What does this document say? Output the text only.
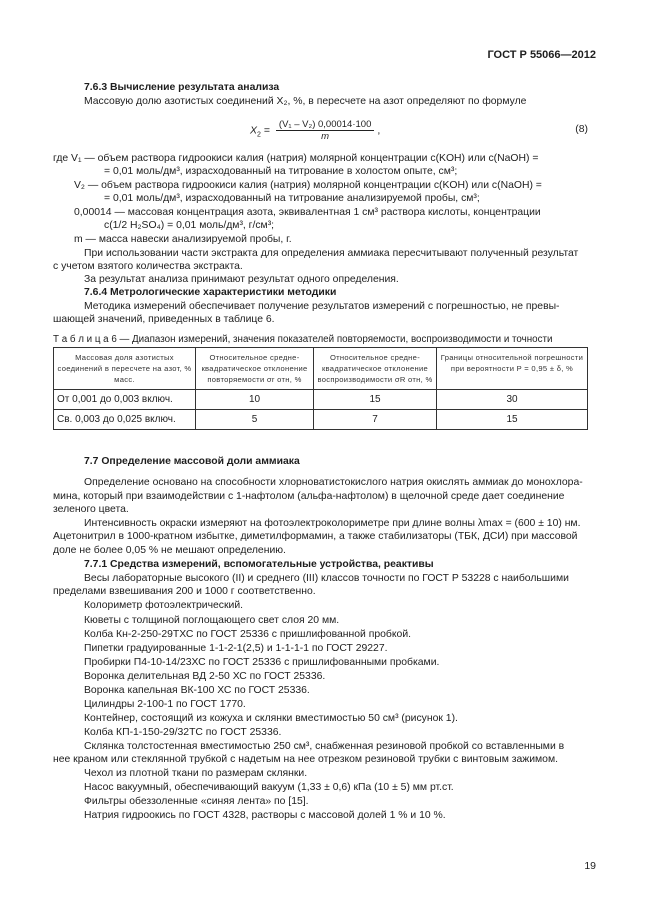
ГОСТ Р 55066—2012
7.6.3 Вычисление результата анализа
Массовую долю азотистых соединений X₂, %, в пересчете на азот определяют по формуле
$X_2 = \frac{\text{(V₁ – V₂) 0,00014·100}}{m}$ ,	(8)
где V₁ — объем раствора гидроокиси калия (натрия) молярной концентрации c(KOH) или c(NaOH) =
= 0,01 моль/дм³, израсходованный на титрование в холостом опыте, см³;
V₂ — объем раствора гидроокиси калия (натрия) молярной концентрации c(KOH) или c(NaOH) =
= 0,01 моль/дм³, израсходованный на титрование анализируемой пробы, см³;
0,00014 — массовая концентрация азота, эквивалентная 1 см³ раствора кислоты, концентрации
c(1/2 H₂SO₄) = 0,01 моль/дм³, г/см³;
m — масса навески анализируемой пробы, г.
При использовании части экстракта для определения аммиака пересчитывают полученный результат
с учетом взятого количества экстракта.
За результат анализа принимают результат одного определения.
7.6.4 Метрологические характеристики методики
Методика измерений обеспечивает получение результатов измерений с погрешностью, не превы-
шающей значений, приведенных в таблице 6.
Т а б л и ц а 6 — Диапазон измерений, значения показателей повторяемости, воспроизводимости и точности
Массовая доля азотистых соединений в пересчете на азот, % масс.	Относительное средне-квадратическое отклонение повторяемости σr отн, %	Относительное средне-квадратическое отклонение воспроизводимости σR отн, %	Границы относительной погрешности при вероятности P = 0,95 ± δ, %
От 0,001 до 0,003 включ.	10	15	30
Св. 0,003 до 0,025 включ.	5	7	15
7.7 Определение массовой доли аммиака
Определение основано на способности хлорноватистокислого натрия окислять аммиак до монохлора-
мина, который при взаимодействии с 1-нафтолом (альфа-нафтолом) в щелочной среде дает соединение
зеленого цвета.
Интенсивность окраски измеряют на фотоэлектроколориметре при длине волны λmax = (600 ± 10) нм.
Ацетонитрил в 1000-кратном избытке, диметилформамин, а также стабилизаторы (ТБК, ДСИ) при массовой
доле не более 0,05 % не мешают определению.
7.7.1 Средства измерений, вспомогательные устройства, реактивы
Весы лабораторные высокого (II) и среднего (III) классов точности по ГОСТ Р 53228 с наибольшими
пределами взвешивания 200 и 1000 г соответственно.
Колориметр фотоэлектрический.
Кюветы с толщиной поглощающего свет слоя 20 мм.
Колба Кн-2-250-29ТХС по ГОСТ 25336 с пришлифованной пробкой.
Пипетки градуированные 1-1-2-1(2,5) и 1-1-1-1 по ГОСТ 29227.
Пробирки П4-10-14/23ХС по ГОСТ 25336 с пришлифованными пробками.
Воронка делительная ВД 2-50 ХС по ГОСТ 25336.
Воронка капельная ВК-100 ХС по ГОСТ 25336.
Цилиндры 2-100-1 по ГОСТ 1770.
Контейнер, состоящий из кожуха и склянки вместимостью 50 см³ (рисунок 1).
Колба КП-1-150-29/32ТС по ГОСТ 25336.
Склянка толстостенная вместимостью 250 см³, снабженная резиновой пробкой со вставленными в
нее краном или стеклянной трубкой с надетым на нее отрезком резиновой трубки с винтовым зажимом.
Чехол из плотной ткани по размерам склянки.
Насос вакуумный, обеспечивающий вакуум (1,33 ± 0,6) кПа (10 ± 5) мм рт.ст.
Фильтры обеззоленные «синяя лента» по [15].
Натрия гидроокись по ГОСТ 4328, растворы с массовой долей 1 % и 10 %.
19
